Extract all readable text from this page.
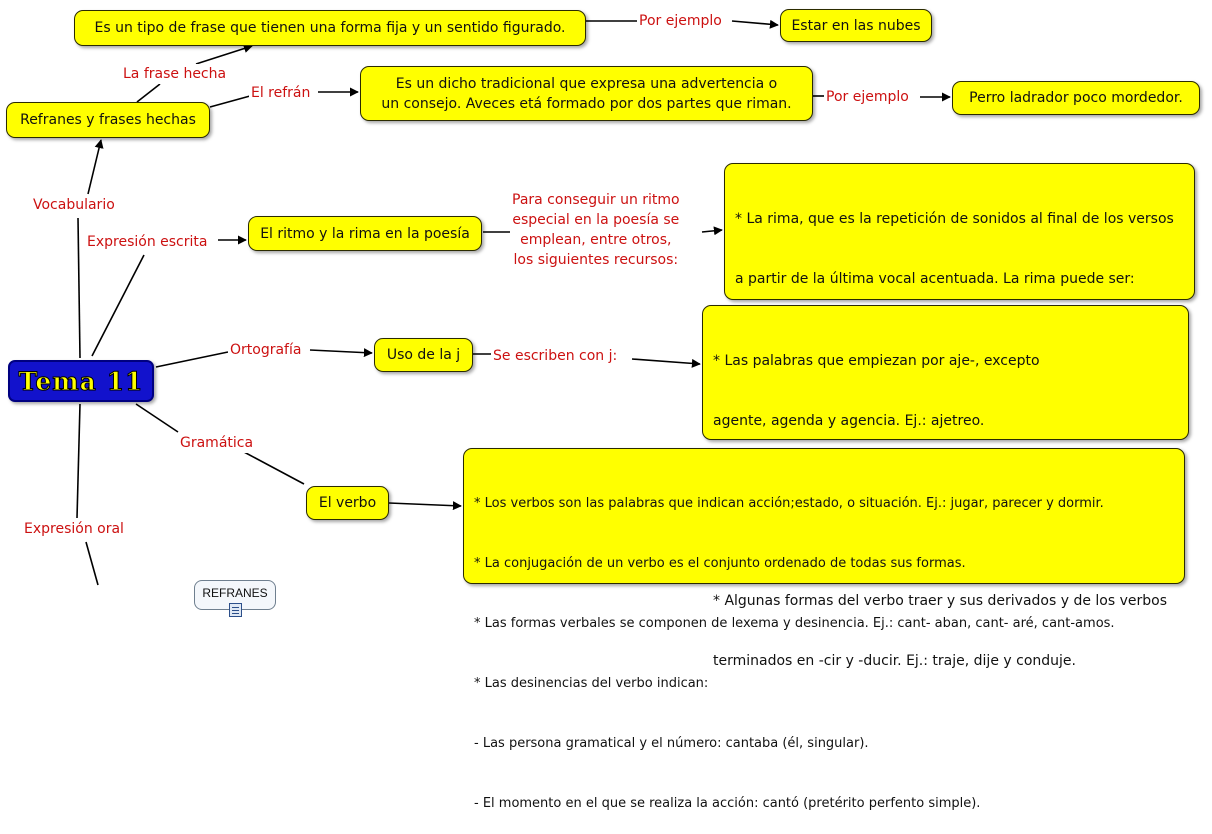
Tema 11
Refranes y frases hechas
Es un tipo de frase que tienen una forma fija y un sentido figurado.	Estar en las nubes
Es un dicho tradicional que expresa una advertencia o
un consejo. Aveces etá formado por dos partes que riman.	Perro ladrador poco mordedor.
El ritmo y la rima en la poesía

* La rima, que es la repetición de sonidos al final de los versos

a partir de la última vocal acentuada. La rima puede ser:

Uso de la j

	* Las palabras que empiezan por aje-, excepto

agente, agenda y agencia. Ej.: ajetreo.

* Algunas formas del verbo traer y sus derivados y de los verbos

terminados en -cir y -ducir. Ej.: traje, dije y conduje.

El verbo

	* Los verbos son las palabras que indican acción;estado, o situación. Ej.: jugar, parecer y dormir.

* La conjugación de un verbo es el conjunto ordenado de todas sus formas.

* Las formas verbales se componen de lexema y desinencia. Ej.: cant- aban, cant- aré, cant-amos.

* Las desinencias del verbo indican:

- Las persona gramatical y el número: cantaba (él, singular).

- El momento en el que se realiza la acción: cantó (pretérito perfento simple).

Vocabulario
La frase hecha
El refrán
Por ejemplo
Por ejemplo
Expresión escrita
Para conseguir un ritmo
especial en la poesía se
emplean, entre otros,
los siguientes recursos:
Ortografía	Se escriben con j:
Gramática
Expresión oral
REFRANES
